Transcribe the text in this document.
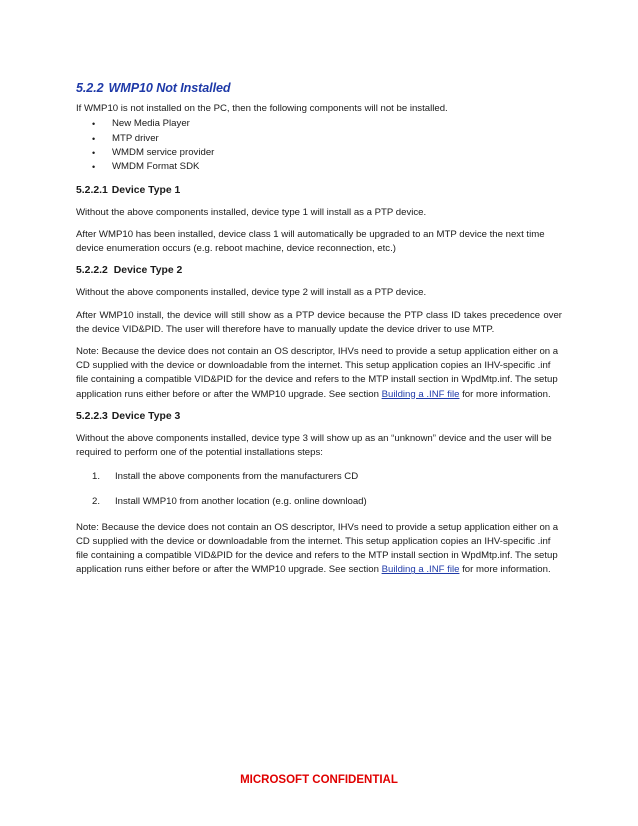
5.2.2 WMP10 Not Installed

If WMP10 is not installed on the PC, then the following components will not be installed.

• New Media Player
• MTP driver
• WMDM service provider
• WMDM Format SDK
5.2.2.1 Device Type 1

Without the above components installed, device type 1 will install as a PTP device.

After WMP10 has been installed, device class 1 will automatically be upgraded to an MTP device the next time device enumeration occurs (e.g. reboot machine, device reconnection, etc.)

5.2.2.2 Device Type 2

Without the above components installed, device type 2 will install as a PTP device.

After WMP10 install, the device will still show as a PTP device because the PTP class ID takes precedence over the device VID&PID. The user will therefore have to manually update the device driver to use MTP.

Note: Because the device does not contain an OS descriptor, IHVs need to provide a setup application either on a CD supplied with the device or downloadable from the internet. This setup application copies an IHV-specific .inf file containing a compatible VID&PID for the device and refers to the MTP install section in WpdMtp.inf. The setup application runs either before or after the WMP10 upgrade. See section Building a .INF file for more information.

5.2.2.3 Device Type 3

Without the above components installed, device type 3 will show up as an “unknown” device and the user will be required to perform one of the potential installations steps:

1. Install the above components from the manufacturers CD
2. Install WMP10 from another location (e.g. online download)

Note: Because the device does not contain an OS descriptor, IHVs need to provide a setup application either on a CD supplied with the device or downloadable from the internet. This setup application copies an IHV-specific .inf file containing a compatible VID&PID for the device and refers to the MTP install section in WpdMtp.inf. The setup application runs either before or after the WMP10 upgrade. See section Building a .INF file for more information.

MICROSOFT CONFIDENTIAL
